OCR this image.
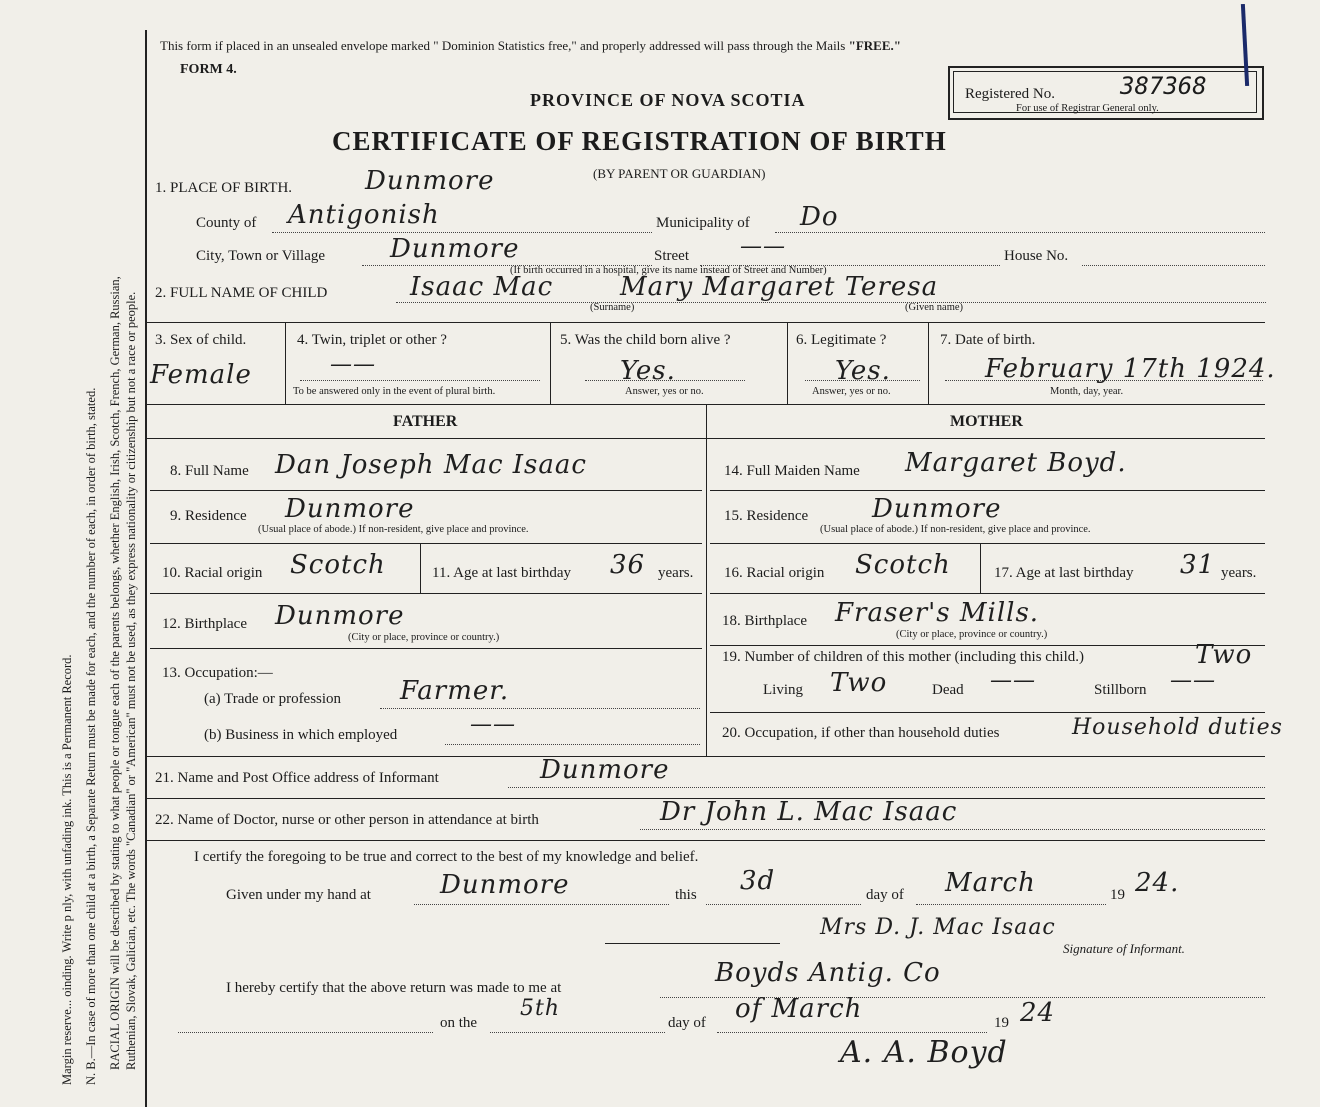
Margin reserve... oinding. Write p nly, with unfading ink. This is a Permanent Record. N. B.—In case of more than one child at a birth, a Separate Return must be made for each, and the number of each, in order of birth, stated. RACIAL ORIGIN will be described by stating to what people or tongue each of the parents belongs, whether English, Irish, Scotch, French, German, Russian, Ruthenian, Slovak, Galician, etc. The words "Canadian" or "American" must not be used, as they express nationality or citizenship but not a race or people.
This form if placed in an unsealed envelope marked " Dominion Statistics free," and properly addressed will pass through the Mails "FREE."
FORM 4.
PROVINCE OF NOVA SCOTIA
CERTIFICATE OF REGISTRATION OF BIRTH
(BY PARENT OR GUARDIAN)
Registered No.	387368
For use of Registrar General only.
1. PLACE OF BIRTH.	Dunmore
County of Antigonish	Municipality of Do
City, Town or Village Dunmore	Street ——	House No.
(If birth occurred in a hospital, give its name instead of Street and Number)
2. FULL NAME OF CHILD	Isaac Mac	Mary Margaret Teresa
(Surname)	(Given name)
3. Sex of child.
Female
4. Twin, triplet or other ?
——
To be answered only in the event of plural birth.
5. Was the child born alive ?
Yes.
Answer, yes or no.
6. Legitimate ?
Yes.
Answer, yes or no.
7. Date of birth.
February 17th 1924.
Month, day, year.
FATHER	MOTHER
8. Full Name Dan Joseph Mac Isaac
9. Residence Dunmore
(Usual place of abode.) If non-resident, give place and province.
10. Racial origin Scotch	11. Age at last birthday 36 years.
12. Birthplace Dunmore
(City or place, province or country.)
13. Occupation:—
(a) Trade or profession Farmer.
(b) Business in which employed	——
14. Full Maiden Name Margaret Boyd.
15. Residence Dunmore
(Usual place of abode.) If non-resident, give place and province.
16. Racial origin Scotch	17. Age at last birthday 31 years.
18. Birthplace Fraser's Mills.
(City or place, province or country.)
19. Number of children of this mother (including this child.)	Two
Living Two	Dead ——	Stillborn ——
20. Occupation, if other than household duties	Household duties
21. Name and Post Office address of Informant	Dunmore
22. Name of Doctor, nurse or other person in attendance at birth	Dr John L. Mac Isaac
I certify the foregoing to be true and correct to the best of my knowledge and belief.
Given under my hand at	Dunmore	this 3d	day of March	19 24.
Mrs D. J. Mac Isaac
Signature of Informant.
I hereby certify that the above return was made to me at	Boyds Antig. Co
on the
5th
day of of March	19 24
A. A. Boyd
